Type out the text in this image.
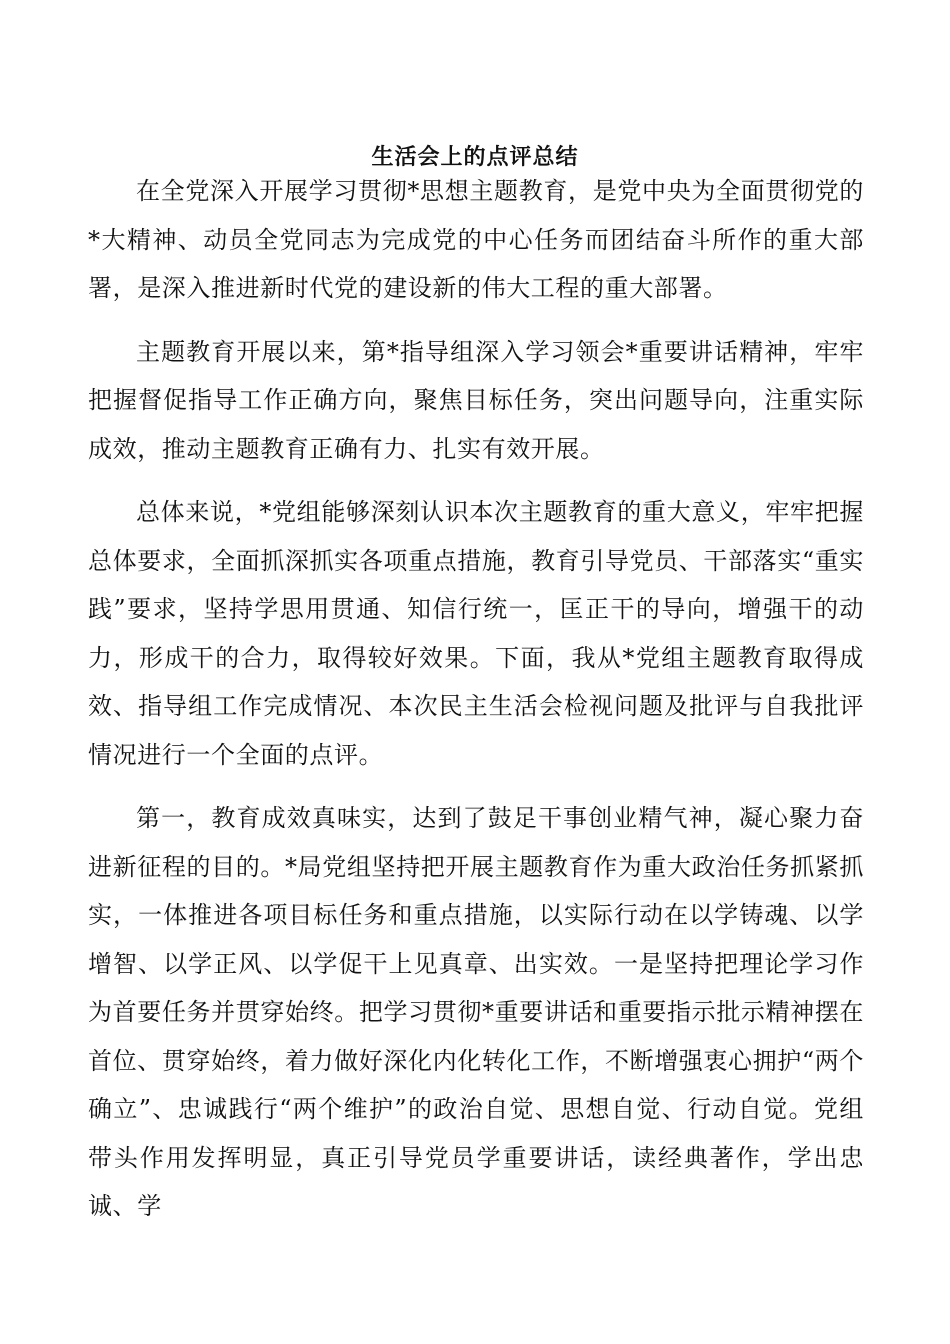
生活会上的点评总结

在全党深入开展学习贯彻*思想主题教育，是党中央为全面贯彻党的*大精神、动员全党同志为完成党的中心任务而团结奋斗所作的重大部署，是深入推进新时代党的建设新的伟大工程的重大部署。

主题教育开展以来，第*指导组深入学习领会*重要讲话精神，牢牢把握督促指导工作正确方向，聚焦目标任务，突出问题导向，注重实际成效，推动主题教育正确有力、扎实有效开展。

总体来说，*党组能够深刻认识本次主题教育的重大意义，牢牢把握总体要求，全面抓深抓实各项重点措施，教育引导党员、干部落实“重实践”要求，坚持学思用贯通、知信行统一，匡正干的导向，增强干的动力，形成干的合力，取得较好效果。下面，我从*党组主题教育取得成效、指导组工作完成情况、本次民主生活会检视问题及批评与自我批评情况进行一个全面的点评。

第一，教育成效真味实，达到了鼓足干事创业精气神，凝心聚力奋进新征程的目的。*局党组坚持把开展主题教育作为重大政治任务抓紧抓实，一体推进各项目标任务和重点措施，以实际行动在以学铸魂、以学增智、以学正风、以学促干上见真章、出实效。一是坚持把理论学习作为首要任务并贯穿始终。把学习贯彻*重要讲话和重要指示批示精神摆在首位、贯穿始终，着力做好深化内化转化工作，不断增强衷心拥护“两个确立”、忠诚践行“两个维护”的政治自觉、思想自觉、行动自觉。党组带头作用发挥明显，真正引导党员学重要讲话，读经典著作，学出忠诚、学
